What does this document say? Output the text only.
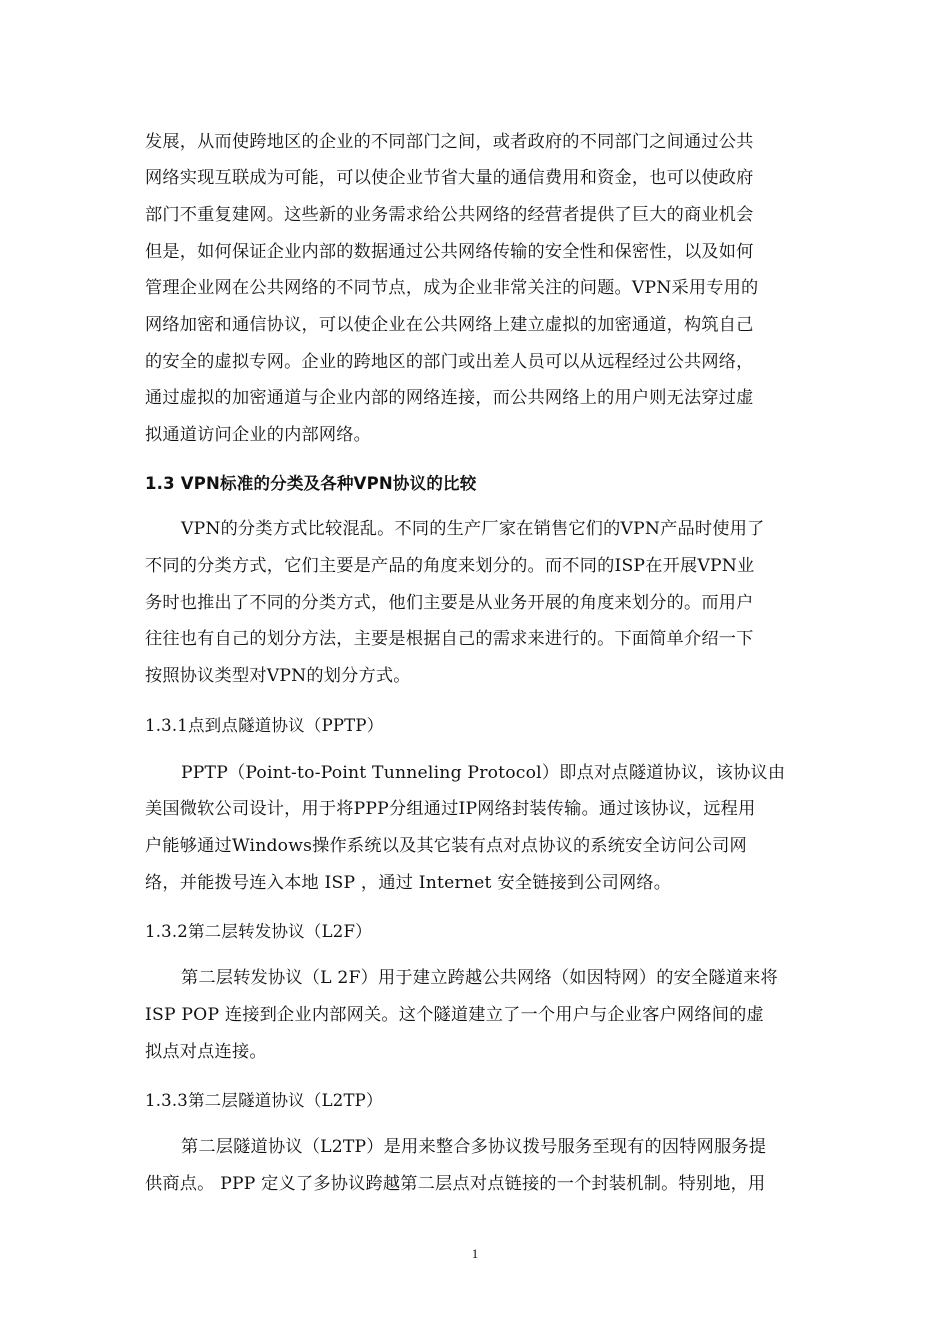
发展，从而使跨地区的企业的不同部门之间，或者政府的不同部门之间通过公共
网络实现互联成为可能，可以使企业节省大量的通信费用和资金，也可以使政府
部门不重复建网。这些新的业务需求给公共网络的经营者提供了巨大的商业机会
但是，如何保证企业内部的数据通过公共网络传输的安全性和保密性，以及如何
管理企业网在公共网络的不同节点，成为企业非常关注的问题。VPN采用专用的
网络加密和通信协议，可以使企业在公共网络上建立虚拟的加密通道，构筑自己
的安全的虚拟专网。企业的跨地区的部门或出差人员可以从远程经过公共网络，
通过虚拟的加密通道与企业内部的网络连接，而公共网络上的用户则无法穿过虚
拟通道访问企业的内部网络。
1.3 VPN标准的分类及各种VPN协议的比较
VPN的分类方式比较混乱。不同的生产厂家在销售它们的VPN产品时使用了
不同的分类方式，它们主要是产品的角度来划分的。而不同的ISP在开展VPN业
务时也推出了不同的分类方式，他们主要是从业务开展的角度来划分的。而用户
往往也有自己的划分方法，主要是根据自己的需求来进行的。下面简单介绍一下
按照协议类型对VPN的划分方式。
1.3.1点到点隧道协议（PPTP）
PPTP（Point-to-Point Tunneling Protocol）即点对点隧道协议，该协议由
美国微软公司设计，用于将PPP分组通过IP网络封装传输。通过该协议，远程用
户能够通过Windows操作系统以及其它装有点对点协议的系统安全访问公司网
络，并能拨号连入本地 ISP ，通过 Internet 安全链接到公司网络。
1.3.2第二层转发协议（L2F）
第二层转发协议（L 2F）用于建立跨越公共网络（如因特网）的安全隧道来将
ISP POP 连接到企业内部网关。这个隧道建立了一个用户与企业客户网络间的虚
拟点对点连接。
1.3.3第二层隧道协议（L2TP）
第二层隧道协议（L2TP）是用来整合多协议拨号服务至现有的因特网服务提
供商点。 PPP 定义了多协议跨越第二层点对点链接的一个封装机制。特别地，用
1
